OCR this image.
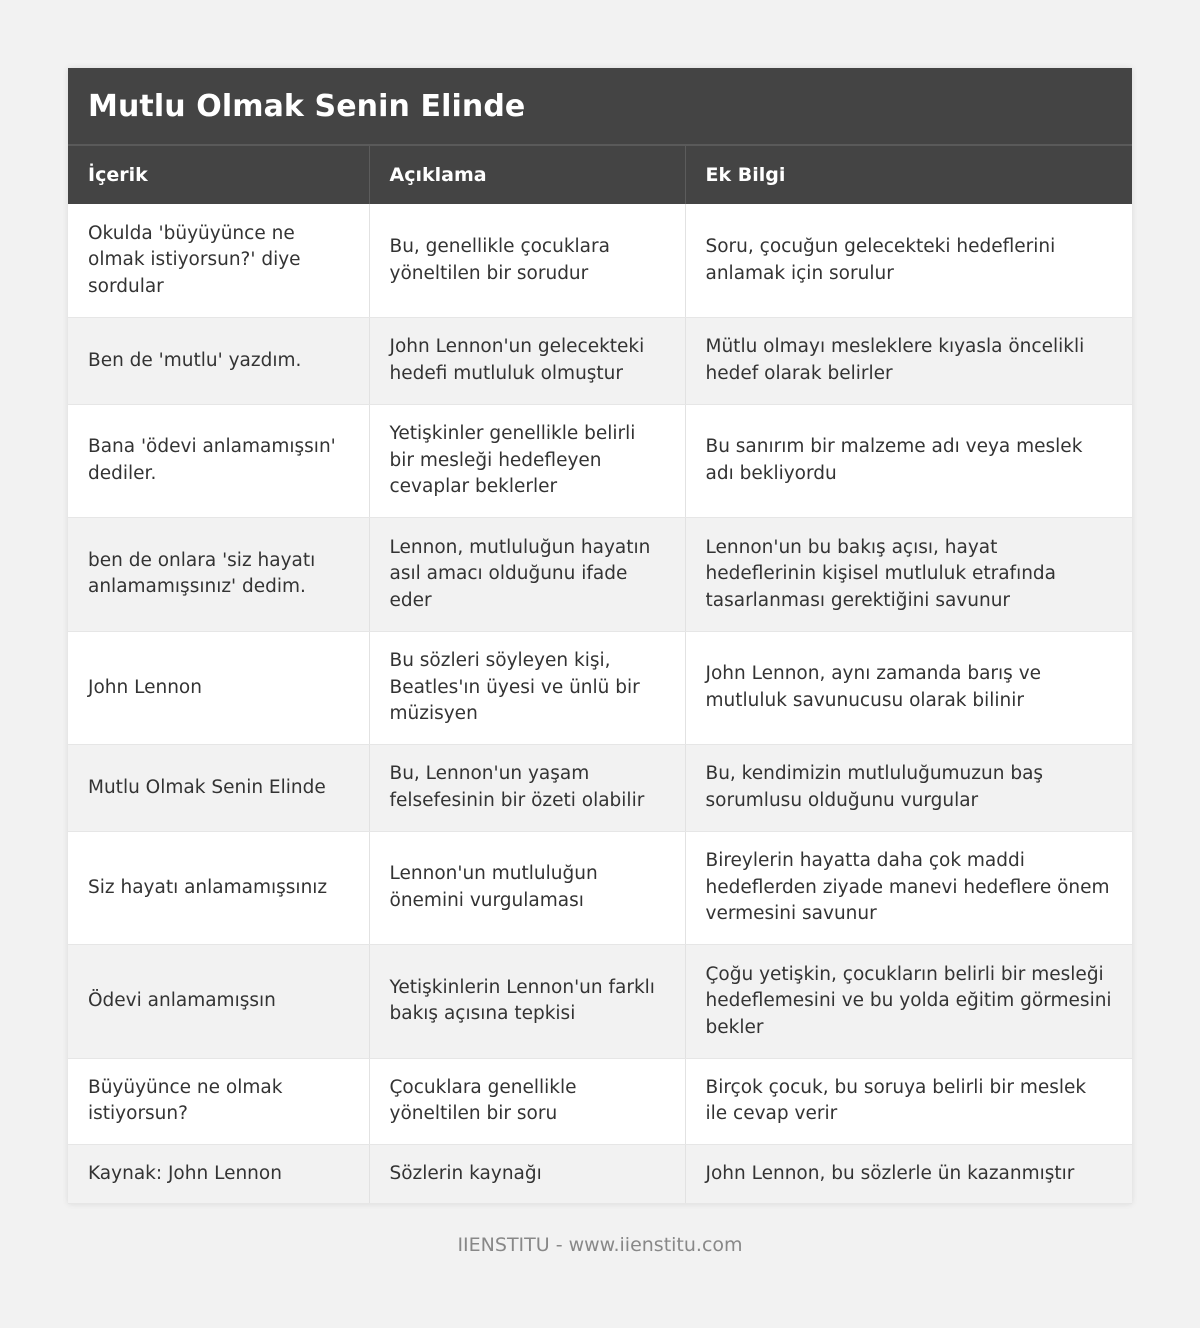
Mutlu Olmak Senin Elinde
İçerik	Açıklama	Ek Bilgi
Okulda 'büyüyünce ne olmak istiyorsun?' diye sordular	Bu, genellikle çocuklara yöneltilen bir sorudur	Soru, çocuğun gelecekteki hedeflerini anlamak için sorulur
Ben de 'mutlu' yazdım.	John Lennon'un gelecekteki hedefi mutluluk olmuştur	Mütlu olmayı mesleklere kıyasla öncelikli hedef olarak belirler
Bana 'ödevi anlamamışsın' dediler.	Yetişkinler genellikle belirli bir mesleği hedefleyen cevaplar beklerler	Bu sanırım bir malzeme adı veya meslek adı bekliyordu
ben de onlara 'siz hayatı anlamamışsınız' dedim.	Lennon, mutluluğun hayatın asıl amacı olduğunu ifade eder	Lennon'un bu bakış açısı, hayat hedeflerinin kişisel mutluluk etrafında tasarlanması gerektiğini savunur
John Lennon	Bu sözleri söyleyen kişi, Beatles'ın üyesi ve ünlü bir müzisyen	John Lennon, aynı zamanda barış ve mutluluk savunucusu olarak bilinir
Mutlu Olmak Senin Elinde	Bu, Lennon'un yaşam felsefesinin bir özeti olabilir	Bu, kendimizin mutluluğumuzun baş sorumlusu olduğunu vurgular
Siz hayatı anlamamışsınız	Lennon'un mutluluğun önemini vurgulaması	Bireylerin hayatta daha çok maddi hedeflerden ziyade manevi hedeflere önem vermesini savunur
Ödevi anlamamışsın	Yetişkinlerin Lennon'un farklı bakış açısına tepkisi	Çoğu yetişkin, çocukların belirli bir mesleği hedeflemesini ve bu yolda eğitim görmesini bekler
Büyüyünce ne olmak istiyorsun?	Çocuklara genellikle yöneltilen bir soru	Birçok çocuk, bu soruya belirli bir meslek ile cevap verir
Kaynak: John Lennon	Sözlerin kaynağı	John Lennon, bu sözlerle ün kazanmıştır
IIENSTITU - www.iienstitu.com
